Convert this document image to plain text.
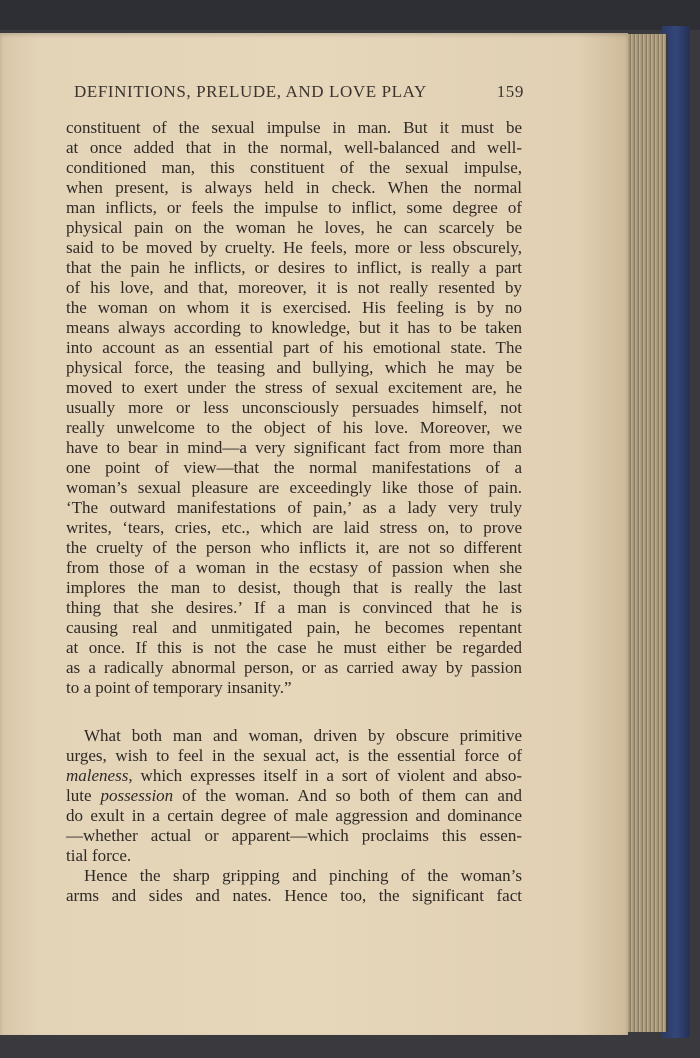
DEFINITIONS, PRELUDE, AND LOVE PLAY	159
constituent of the sexual impulse in man. But it must be
at once added that in the normal, well-balanced and well-
conditioned man, this constituent of the sexual impulse,
when present, is always held in check. When the normal
man inflicts, or feels the impulse to inflict, some degree of
physical pain on the woman he loves, he can scarcely be
said to be moved by cruelty. He feels, more or less obscurely,
that the pain he inflicts, or desires to inflict, is really a part
of his love, and that, moreover, it is not really resented by
the woman on whom it is exercised. His feeling is by no
means always according to knowledge, but it has to be taken
into account as an essential part of his emotional state. The
physical force, the teasing and bullying, which he may be
moved to exert under the stress of sexual excitement are, he
usually more or less unconsciously persuades himself, not
really unwelcome to the object of his love. Moreover, we
have to bear in mind—a very significant fact from more than
one point of view—that the normal manifestations of a
woman’s sexual pleasure are exceedingly like those of pain.
‘The outward manifestations of pain,’ as a lady very truly
writes, ‘tears, cries, etc., which are laid stress on, to prove
the cruelty of the person who inflicts it, are not so different
from those of a woman in the ecstasy of passion when she
implores the man to desist, though that is really the last
thing that she desires.’ If a man is convinced that he is
causing real and unmitigated pain, he becomes repentant
at once. If this is not the case he must either be regarded
as a radically abnormal person, or as carried away by passion
to a point of temporary insanity.”
What both man and woman, driven by obscure primitive
urges, wish to feel in the sexual act, is the essential force of
maleness, which expresses itself in a sort of violent and abso-
lute possession of the woman. And so both of them can and
do exult in a certain degree of male aggression and dominance
—whether actual or apparent—which proclaims this essen-
tial force.
Hence the sharp gripping and pinching of the woman’s
arms and sides and nates. Hence too, the significant fact
